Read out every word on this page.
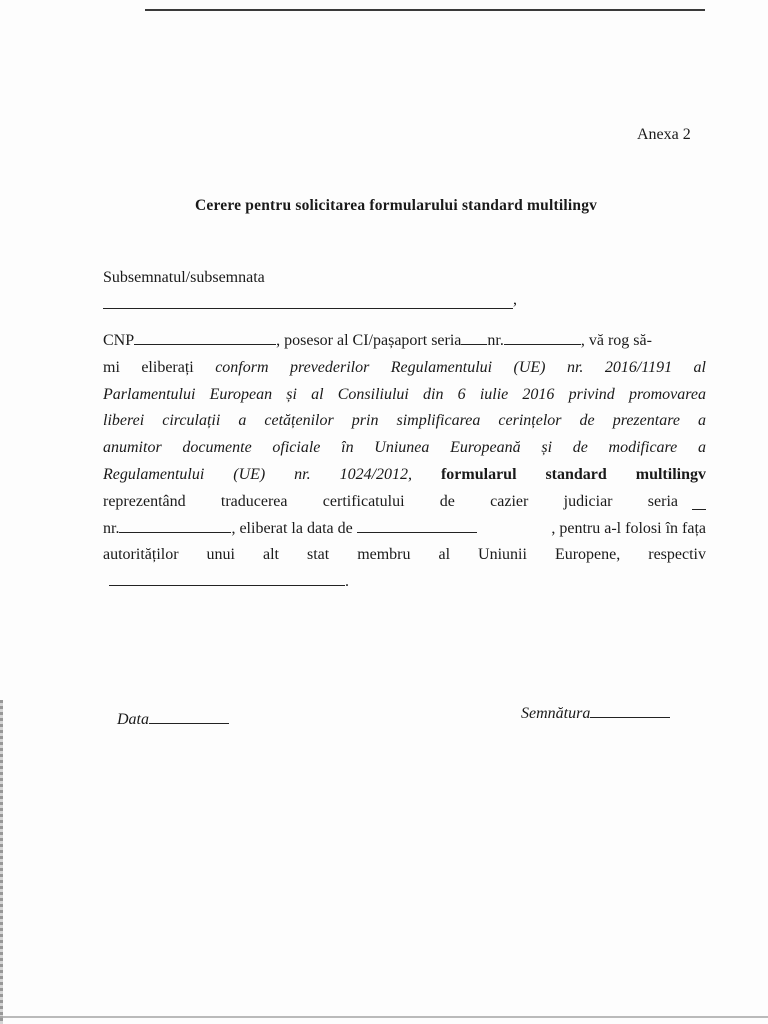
Anexa 2
Cerere pentru solicitarea formularului standard multilingv
Subsemnatul/subsemnata
,
CNP	, posesor al CI/pașaport seria nr.	, vă rog să-
mi eliberați conform prevederilor Regulamentului (UE) nr. 2016/1191 al
Parlamentului European și al Consiliului din 6 iulie 2016 privind promovarea
liberei circulații a cetățenilor prin simplificarea cerințelor de prezentare a
anumitor documente oficiale în Uniunea Europeană și de modificare a
Regulamentului (UE) nr. 1024/2012, formularul standard multilingv
reprezentând traducerea certificatului de cazier judiciar seria
nr.	, eliberat la data de	, pentru a-l folosi în fața
autorităților unui alt stat membru al Uniunii Europene, respectiv
.
Data	Semnătura
